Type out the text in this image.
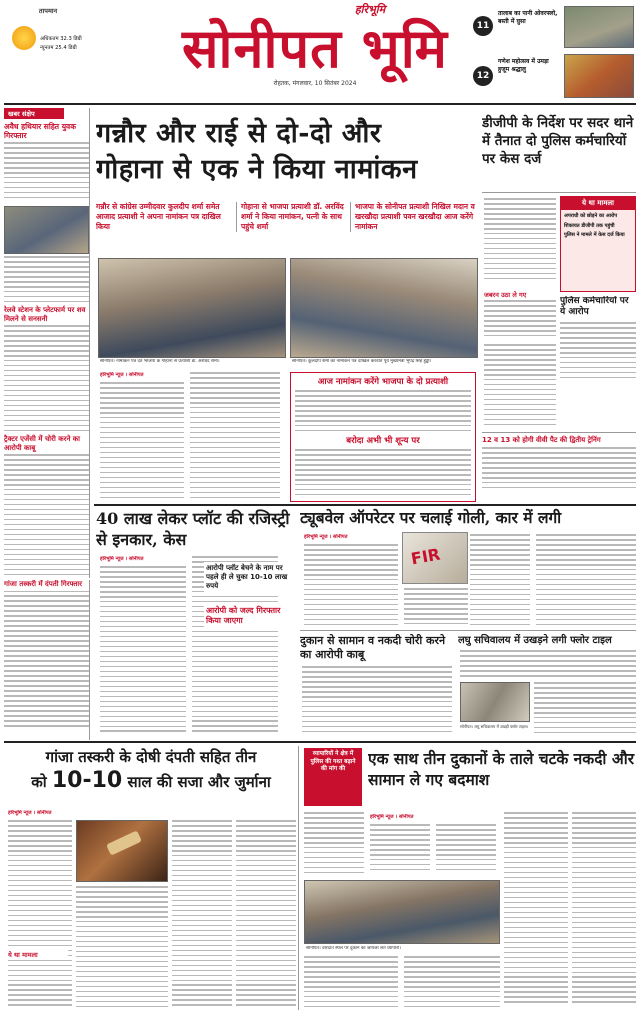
तापमान
अधिकतम 32.3 डिग्री
न्यूनतम 25.4 डिग्री
हरिभूमि
सोनीपत भूमि
रोहतक, मंगलवार, 10 सितंबर 2024
11
तालाब का पानी ओवरफ्लो, बस्ती में घुसा
12
गणेश महोत्सव में उमड़ा हुजूम श्रद्धालु
खबर संक्षेप
अवैध हथियार सहित युवक गिरफ्तार
रेलवे स्टेशन के प्लेटफार्म पर शव मिलने से सनसनी
ट्रैक्टर एजेंसी में चोरी करने का आरोपी काबू
गन्नौर और राई से दो-दो और
गोहाना से एक ने किया नामांकन
गन्नौर से कांग्रेस उम्मीदवार कुलदीप शर्मा समेत आजाद प्रत्याशी ने अपना नामांकन पत्र दाखिल किया
गोहाना से भाजपा प्रत्याशी डॉ. अरविंद शर्मा ने किया नामांकन, पत्नी के साथ पहुंचे शर्मा
भाजपा के सोनीपत प्रत्याशी निखिल मदान व खरखौदा प्रत्याशी पवन खरखौदा आज करेंगे नामांकन
सोनीपत। नामांकन पत्र देते भाजपा के गोहाना से प्रत्याशी डॉ. अरविंद शर्मा।	सोनीपत। कुलदीप शर्मा का नामांकन पत्र दाखिल करवाते पूर्व मुख्यमंत्री भूपेंद्र सिंह हुड्डा।
हरिभूमि न्यूज । सोनीपत
आज नामांकन करेंगे भाजपा के दो प्रत्याशी
बरोदा अभी भी शून्य पर
डीजीपी के निर्देश पर सदर थाने में तैनात दो पुलिस कर्मचारियों पर केस दर्ज
जबरन उठा ले गए
ये था मामला
अपराधी को छोड़ने का आरोप
शिकायत डीजीपी तक पहुंची
पुलिस ने मामले में केस दर्ज किया
पुलिस कर्मचारियों पर ये आरोप
12 व 13 को होगी वीवी पैट की द्वितीय ट्रेनिंग
40 लाख लेकर प्लॉट की रजिस्ट्री से इनकार, केस
हरिभूमि न्यूज । सोनीपत
आरोपी प्लॉट बेचने के नाम पर पहले ही ले चुका 10-10 लाख रुपये
आरोपी को जल्द गिरफ्तार किया जाएगा
गांजा तस्करी में दंपती गिरफ्तार
ट्यूबवेल ऑपरेटर पर चलाई गोली, कार में लगी
हरिभूमि न्यूज । सोनीपत
FIR
दुकान से सामान व नकदी चोरी करने का आरोपी काबू
लघु सचिवालय में उखड़ने लगी फ्लोर टाइल
सोनीपत। लघु सचिवालय में उखड़ी फ्लोर टाइल।
गांजा तस्करी के दोषी दंपती सहित तीन
को 10-10 साल की सजा और जुर्माना
हरिभूमि न्यूज । सोनीपत
ये था मामला
व्यापारियों ने क्षेत्र में पुलिस की गश्त बढ़ाने की मांग की
एक साथ तीन दुकानों के ताले चटके नकदी और सामान ले गए बदमाश
हरिभूमि न्यूज । सोनीपत
सोनीपत। वारदात स्थल पर दुकान का जायजा लेते व्यापारी।
